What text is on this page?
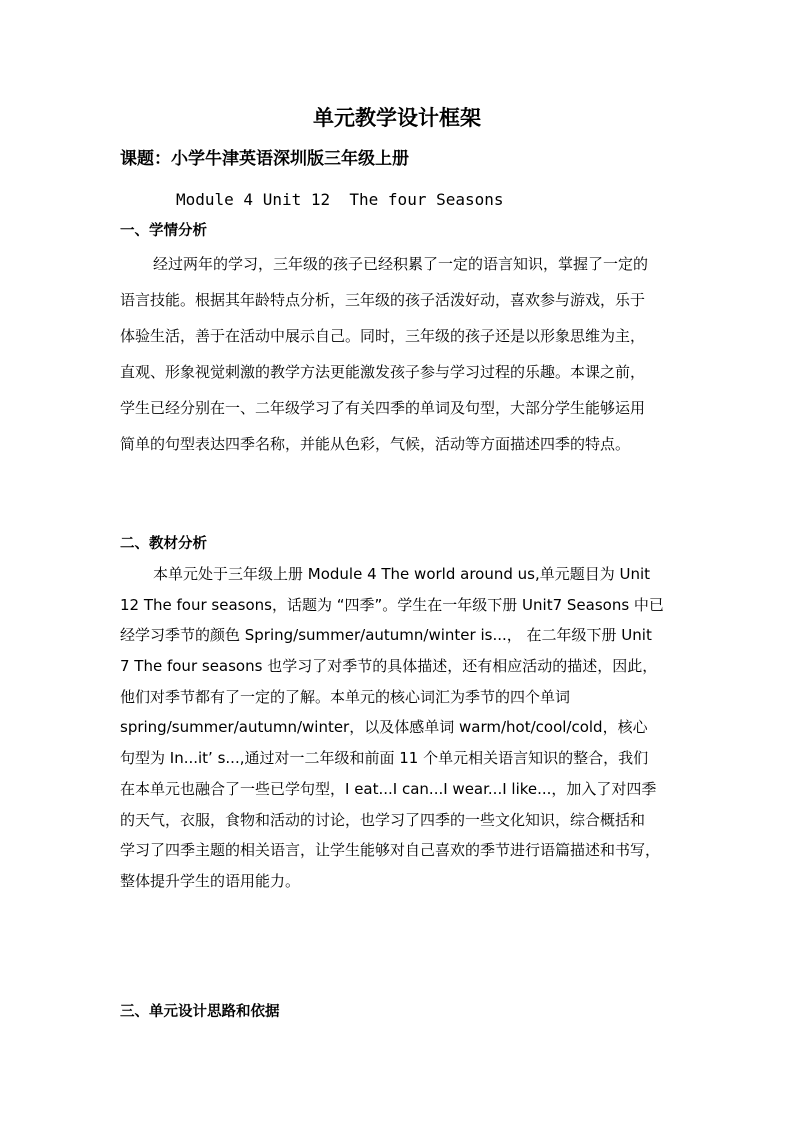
单元教学设计框架
课题：小学牛津英语深圳版三年级上册
Module 4 Unit 12  The four Seasons
一、学情分析
经过两年的学习，三年级的孩子已经积累了一定的语言知识，掌握了一定的
语言技能。根据其年龄特点分析，三年级的孩子活泼好动，喜欢参与游戏，乐于
体验生活，善于在活动中展示自己。同时，三年级的孩子还是以形象思维为主，
直观、形象视觉刺激的教学方法更能激发孩子参与学习过程的乐趣。本课之前，
学生已经分别在一、二年级学习了有关四季的单词及句型，大部分学生能够运用
简单的句型表达四季名称，并能从色彩，气候，活动等方面描述四季的特点。
二、教材分析
本单元处于三年级上册 Module 4 The world around us,单元题目为 Unit
12 The four seasons，话题为 “四季”。学生在一年级下册 Unit7 Seasons 中已
经学习季节的颜色 Spring/summer/autumn/winter is...， 在二年级下册 Unit
7 The four seasons 也学习了对季节的具体描述，还有相应活动的描述，因此，
他们对季节都有了一定的了解。本单元的核心词汇为季节的四个单词
spring/summer/autumn/winter，以及体感单词 warm/hot/cool/cold，核心
句型为 In...it’ s...,通过对一二年级和前面 11 个单元相关语言知识的整合，我们
在本单元也融合了一些已学句型，I eat...I can...I wear...I like...，加入了对四季
的天气，衣服，食物和活动的讨论，也学习了四季的一些文化知识，综合概括和
学习了四季主题的相关语言，让学生能够对自己喜欢的季节进行语篇描述和书写，
整体提升学生的语用能力。
三、单元设计思路和依据
